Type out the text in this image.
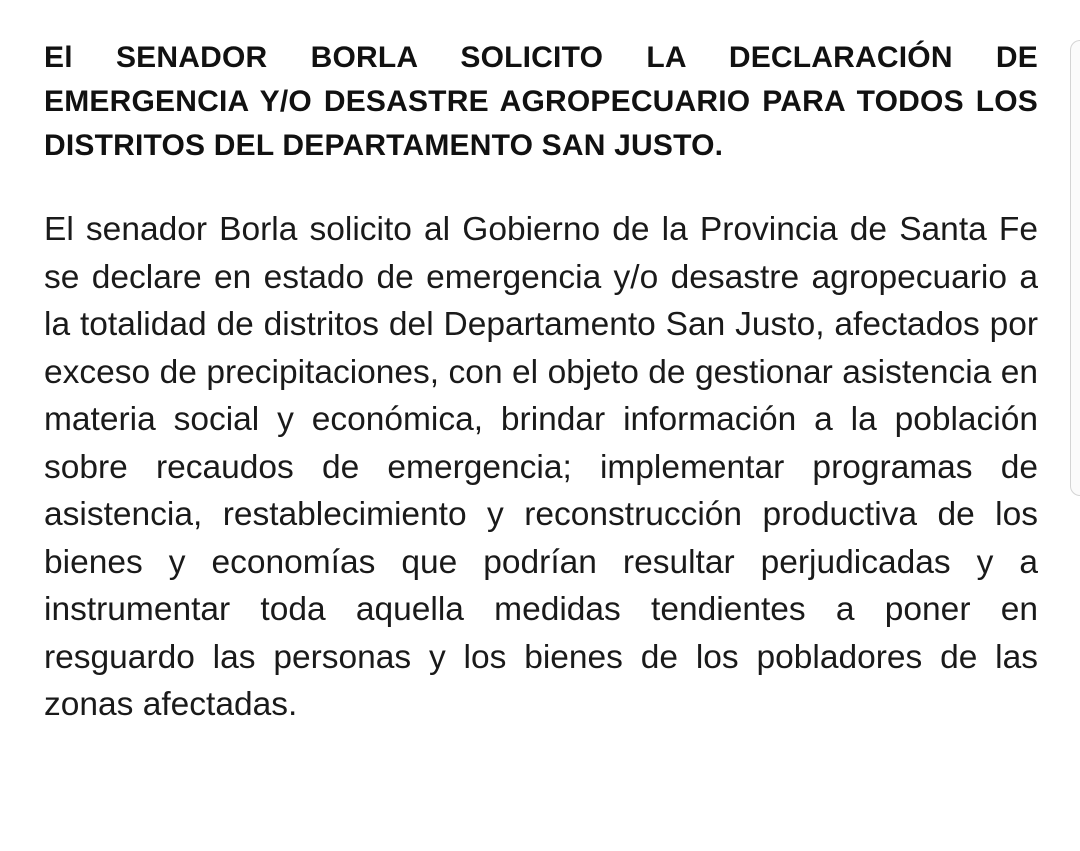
El SENADOR BORLA SOLICITO LA DECLARACIÓN DE EMERGENCIA Y/O DESASTRE AGROPECUARIO PARA TODOS LOS DISTRITOS DEL DEPARTAMENTO SAN JUSTO.

El senador Borla solicito al Gobierno de la Provincia de Santa Fe se declare en estado de emergencia y/o desastre agropecuario a la totalidad de distritos del Departamento San Justo, afectados por exceso de precipitaciones, con el objeto de gestionar asistencia en materia social y económica, brindar información a la población sobre recaudos de emergencia; implementar programas de asistencia, restablecimiento y reconstrucción productiva de los bienes y economías que podrían resultar perjudicadas y a instrumentar toda aquella medidas tendientes a poner en resguardo las personas y los bienes de los pobladores de las zonas afectadas.
